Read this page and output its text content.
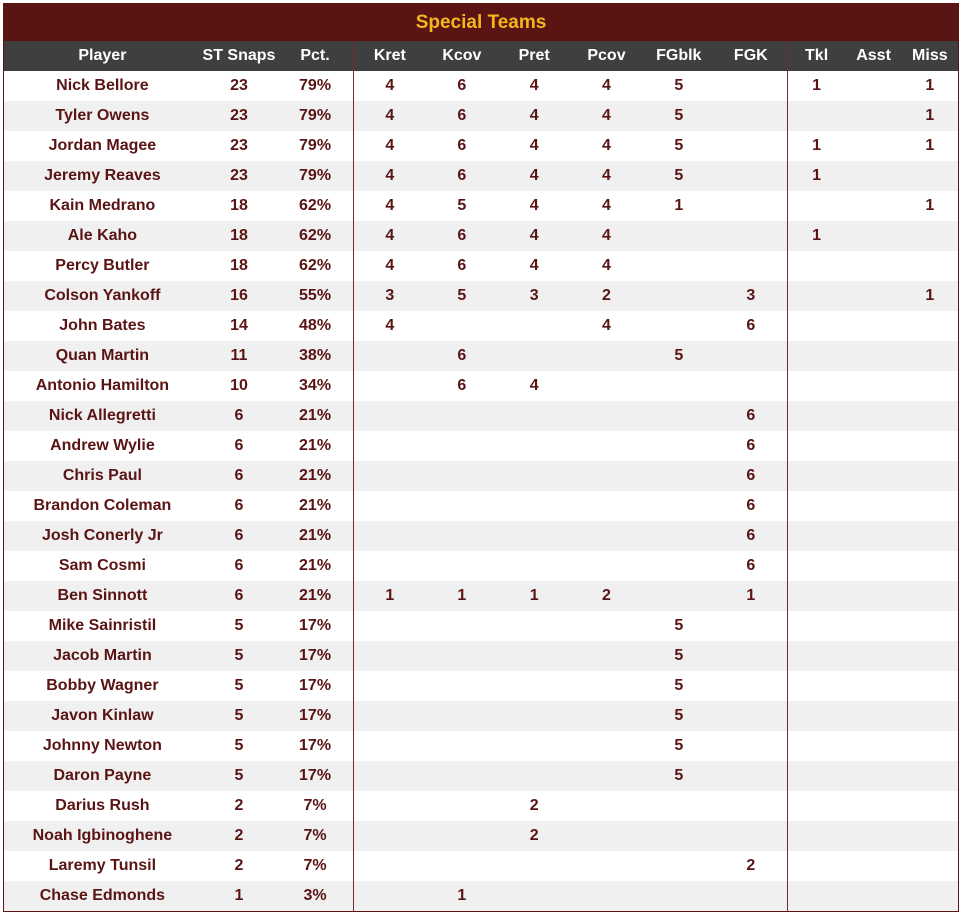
Special Teams
Player	ST Snaps	Pct.	Kret	Kcov	Pret	Pcov	FGblk	FGK	Tkl	Asst	Miss
Nick Bellore	23	79%	4	6	4	4	5		1		1
Tyler Owens	23	79%	4	6	4	4	5				1
Jordan Magee	23	79%	4	6	4	4	5		1		1
Jeremy Reaves	23	79%	4	6	4	4	5		1		
Kain Medrano	18	62%	4	5	4	4	1				1
Ale Kaho	18	62%	4	6	4	4			1		
Percy Butler	18	62%	4	6	4	4					
Colson Yankoff	16	55%	3	5	3	2		3			1
John Bates	14	48%	4			4		6			
Quan Martin	11	38%		6			5				
Antonio Hamilton	10	34%		6	4						
Nick Allegretti	6	21%						6			
Andrew Wylie	6	21%						6			
Chris Paul	6	21%						6			
Brandon Coleman	6	21%						6			
Josh Conerly Jr	6	21%						6			
Sam Cosmi	6	21%						6			
Ben Sinnott	6	21%	1	1	1	2		1			
Mike Sainristil	5	17%					5				
Jacob Martin	5	17%					5				
Bobby Wagner	5	17%					5				
Javon Kinlaw	5	17%					5				
Johnny Newton	5	17%					5				
Daron Payne	5	17%					5				
Darius Rush	2	7%			2						
Noah Igbinoghene	2	7%			2						
Laremy Tunsil	2	7%						2			
Chase Edmonds	1	3%		1							
